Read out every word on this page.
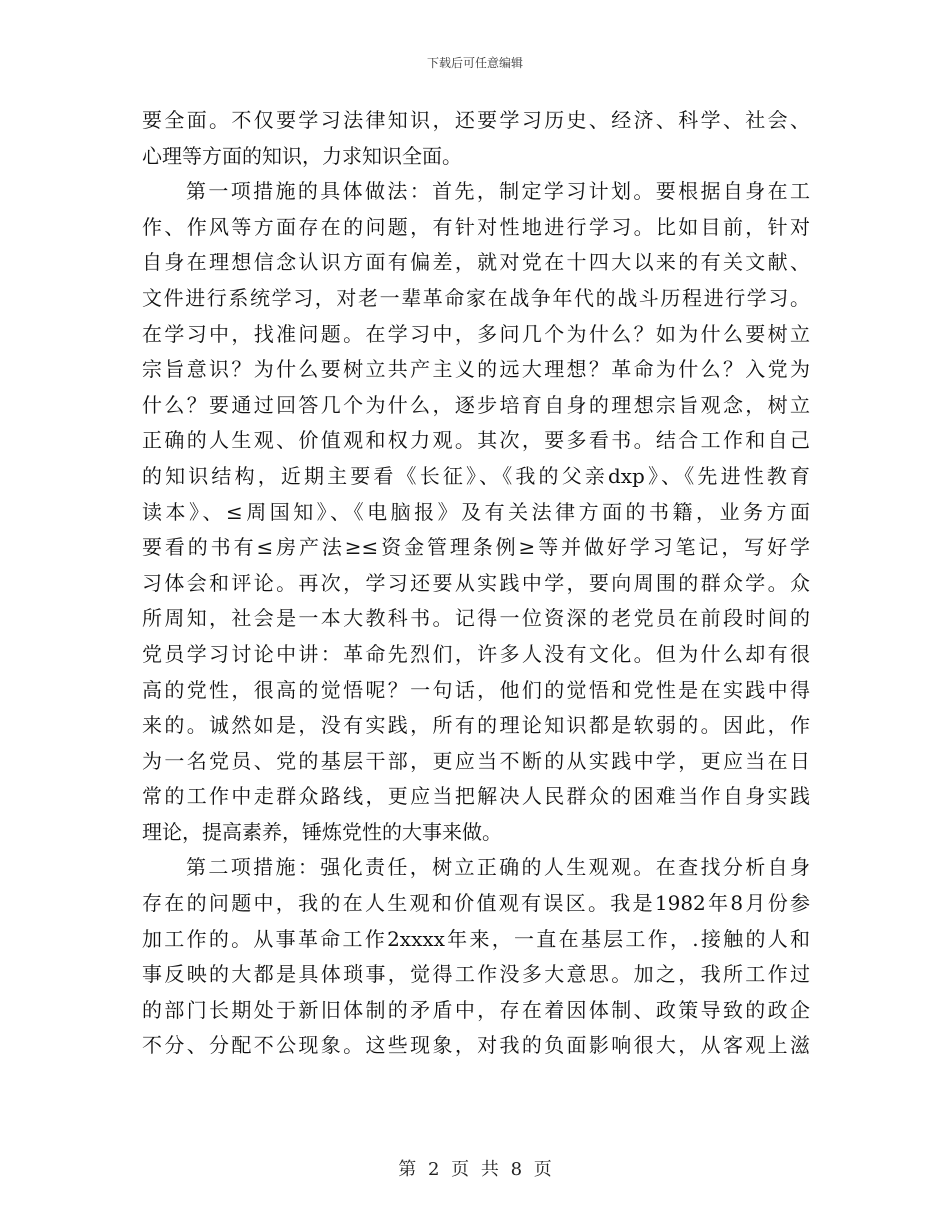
下载后可任意编辑
要全面。不仅要学习法律知识，还要学习历史、经济、科学、社会、
心理等方面的知识，力求知识全面。
第一项措施的具体做法：首先，制定学习计划。要根据自身在工
作、作风等方面存在的问题，有针对性地进行学习。比如目前，针对
自身在理想信念认识方面有偏差，就对党在十四大以来的有关文献、
文件进行系统学习，对老一辈革命家在战争年代的战斗历程进行学习。
在学习中，找准问题。在学习中，多问几个为什么？如为什么要树立
宗旨意识？为什么要树立共产主义的远大理想？革命为什么？入党为
什么？要通过回答几个为什么，逐步培育自身的理想宗旨观念，树立
正确的人生观、价值观和权力观。其次，要多看书。结合工作和自己
的知识结构，近期主要看《长征》、《我的父亲dxp》、《先进性教育
读本》、≤周国知》、《电脑报》及有关法律方面的书籍，业务方面
要看的书有≤房产法≥≤资金管理条例≥等并做好学习笔记，写好学
习体会和评论。再次，学习还要从实践中学，要向周围的群众学。众
所周知，社会是一本大教科书。记得一位资深的老党员在前段时间的
党员学习讨论中讲：革命先烈们，许多人没有文化。但为什么却有很
高的党性，很高的觉悟呢？一句话，他们的觉悟和党性是在实践中得
来的。诚然如是，没有实践，所有的理论知识都是软弱的。因此，作
为一名党员、党的基层干部，更应当不断的从实践中学，更应当在日
常的工作中走群众路线，更应当把解决人民群众的困难当作自身实践
理论，提高素养，锤炼党性的大事来做。
第二项措施：强化责任，树立正确的人生观观。在查找分析自身
存在的问题中，我的在人生观和价值观有误区。我是1982年8月份参
加工作的。从事革命工作2xxxx年来，一直在基层工作，.接触的人和
事反映的大都是具体琐事，觉得工作没多大意思。加之，我所工作过
的部门长期处于新旧体制的矛盾中，存在着因体制、政策导致的政企
不分、分配不公现象。这些现象，对我的负面影响很大，从客观上滋
第 2 页 共 8 页
